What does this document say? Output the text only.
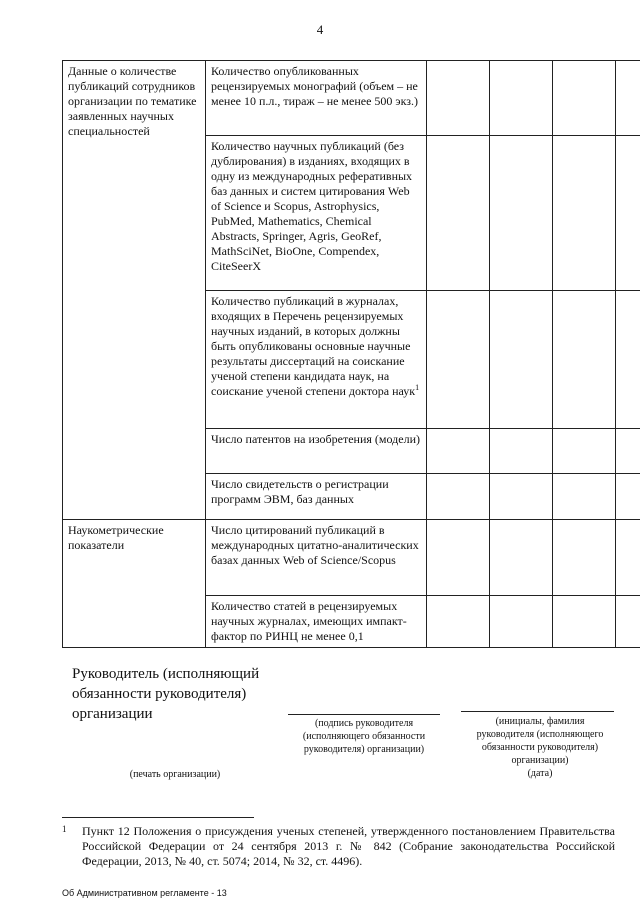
4
Данные о количестве публикаций сотрудников организации по тематике заявленных научных специальностей	Количество опубликованных рецензируемых монографий (объем – не менее 10 п.л., тираж – не менее 500 экз.)				
	Количество научных публикаций (без дублирования) в изданиях, входящих в одну из международных реферативных баз данных и систем цитирования Web of Science и Scopus, Astrophysics, PubMed, Mathematics, Chemical Abstracts, Springer, Agris, GeoRef, MathSciNet, BioOne, Compendex, CiteSeerX				
	Количество публикаций в журналах, входящих в Перечень рецензируемых научных изданий, в которых должны быть опубликованы основные научные результаты диссертаций на соискание ученой степени кандидата наук, на соискание ученой степени доктора наук$^1$				
	Число патентов на изобретения (модели)				
	Число свидетельств о регистрации программ ЭВМ, баз данных				
Наукометрические показатели	Число цитирований публикаций в международных цитатно-аналитических базах данных Web of Science/Scopus				
	Количество статей в рецензируемых научных журналах, имеющих импакт-фактор по РИНЦ не менее 0,1				
Руководитель (исполняющий
обязанности руководителя)
организации
(подпись руководителя
(исполняющего обязанности
руководителя) организации)
(инициалы, фамилия
руководителя (исполняющего
обязанности руководителя)
организации)
(дата)
(печать организации)
1	Пункт 12 Положения о присуждения ученых степеней, утвержденного постановлением Правительства Российской Федерации от 24 сентября 2013 г. № 842 (Собрание законодательства Российской Федерации, 2013, № 40, ст. 5074; 2014, № 32, ст. 4496).
Об Административном регламенте - 13
